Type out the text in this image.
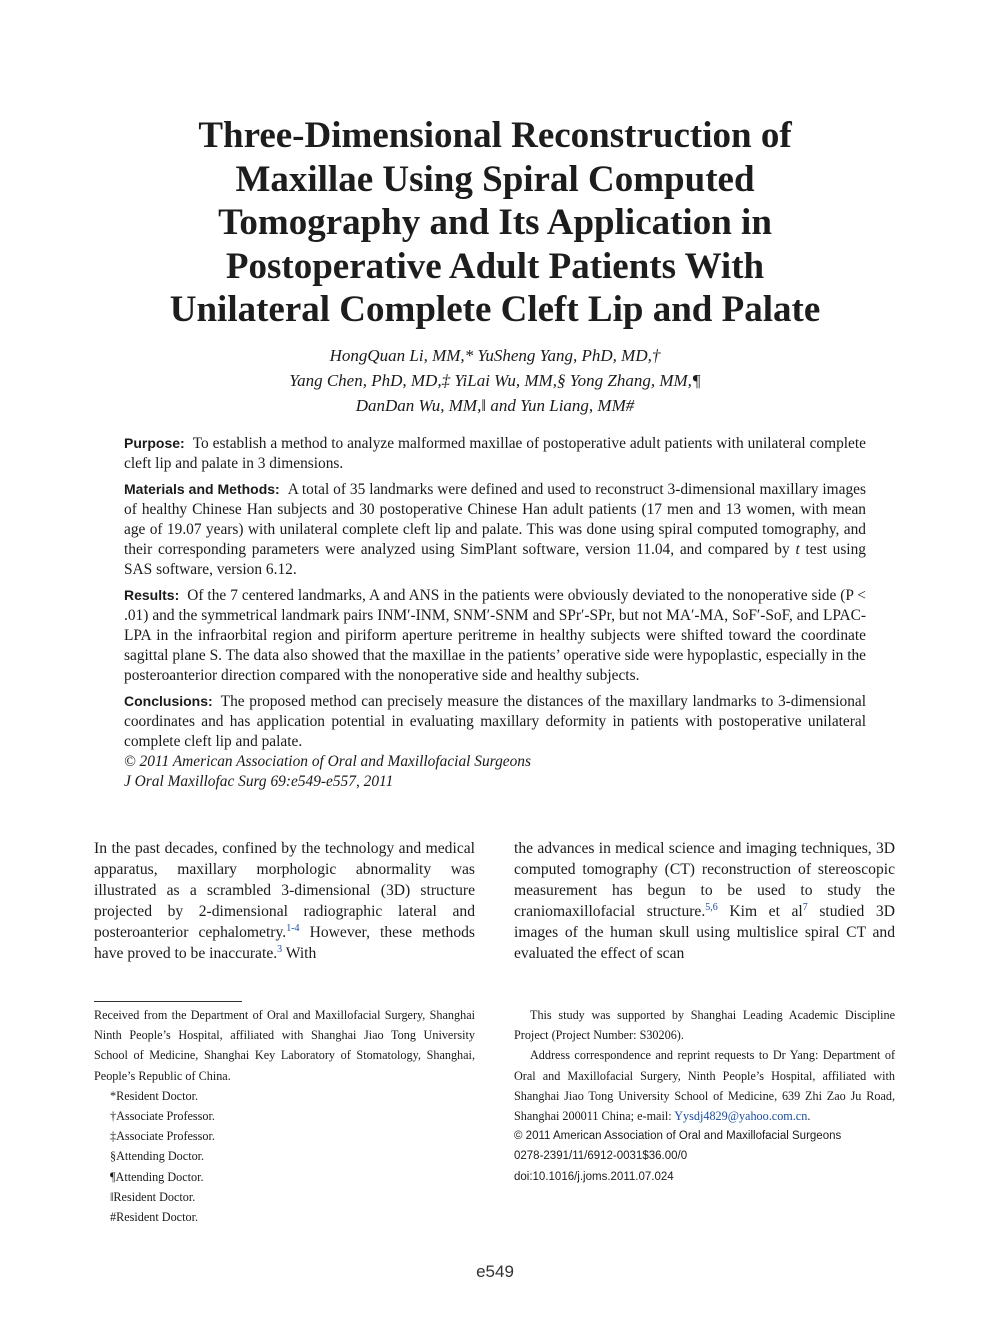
Three-Dimensional Reconstruction of
Maxillae Using Spiral Computed
Tomography and Its Application in
Postoperative Adult Patients With
Unilateral Complete Cleft Lip and Palate
HongQuan Li, MM,* YuSheng Yang, PhD, MD,†
Yang Chen, PhD, MD,‡ YiLai Wu, MM,§ Yong Zhang, MM,¶
DanDan Wu, MM,‖ and Yun Liang, MM#

Purpose: To establish a method to analyze malformed maxillae of postoperative adult patients with unilateral complete cleft lip and palate in 3 dimensions.

Materials and Methods: A total of 35 landmarks were defined and used to reconstruct 3-dimensional maxillary images of healthy Chinese Han subjects and 30 postoperative Chinese Han adult patients (17 men and 13 women, with mean age of 19.07 years) with unilateral complete cleft lip and palate. This was done using spiral computed tomography, and their corresponding parameters were analyzed using SimPlant software, version 11.04, and compared by t test using SAS software, version 6.12.

Results: Of the 7 centered landmarks, A and ANS in the patients were obviously deviated to the nonoperative side (P < .01) and the symmetrical landmark pairs INM′-INM, SNM′-SNM and SPr′-SPr, but not MA′-MA, SoF′-SoF, and LPAC-LPA in the infraorbital region and piriform aperture peritreme in healthy subjects were shifted toward the coordinate sagittal plane S. The data also showed that the maxillae in the patients’ operative side were hypoplastic, especially in the posteroanterior direction compared with the nonoperative side and healthy subjects.

Conclusions: The proposed method can precisely measure the distances of the maxillary landmarks to 3-dimensional coordinates and has application potential in evaluating maxillary deformity in patients with postoperative unilateral complete cleft lip and palate.

© 2011 American Association of Oral and Maxillofacial Surgeons

J Oral Maxillofac Surg 69:e549-e557, 2011

In the past decades, confined by the technology and medical apparatus, maxillary morphologic abnormality was illustrated as a scrambled 3-dimensional (3D) structure projected by 2-dimensional radiographic lateral and posteroanterior cephalometry.$^{1-4}$ However, these methods have proved to be inaccurate.$^3$ With

the advances in medical science and imaging techniques, 3D computed tomography (CT) reconstruction of stereoscopic measurement has begun to be used to study the craniomaxillofacial structure.$^{5,6}$ Kim et $al^7$ studied 3D images of the human skull using multislice spiral CT and evaluated the effect of scan

Received from the Department of Oral and Maxillofacial Surgery, Shanghai Ninth People’s Hospital, affiliated with Shanghai Jiao Tong University School of Medicine, Shanghai Key Laboratory of Stomatology, Shanghai, People’s Republic of China.

*Resident Doctor.

†Associate Professor.

‡Associate Professor.

§Attending Doctor.

¶Attending Doctor.

‖Resident Doctor.

#Resident Doctor.

This study was supported by Shanghai Leading Academic Discipline Project (Project Number: S30206).

Address correspondence and reprint requests to Dr Yang: Department of Oral and Maxillofacial Surgery, Ninth People’s Hospital, affiliated with Shanghai Jiao Tong University School of Medicine, 639 Zhi Zao Ju Road, Shanghai 200011 China; e-mail: Yysdj4829@yahoo.com.cn.

© 2011 American Association of Oral and Maxillofacial Surgeons

0278-2391/11/6912-0031$36.00/0

doi:10.1016/j.joms.2011.07.024

e549
